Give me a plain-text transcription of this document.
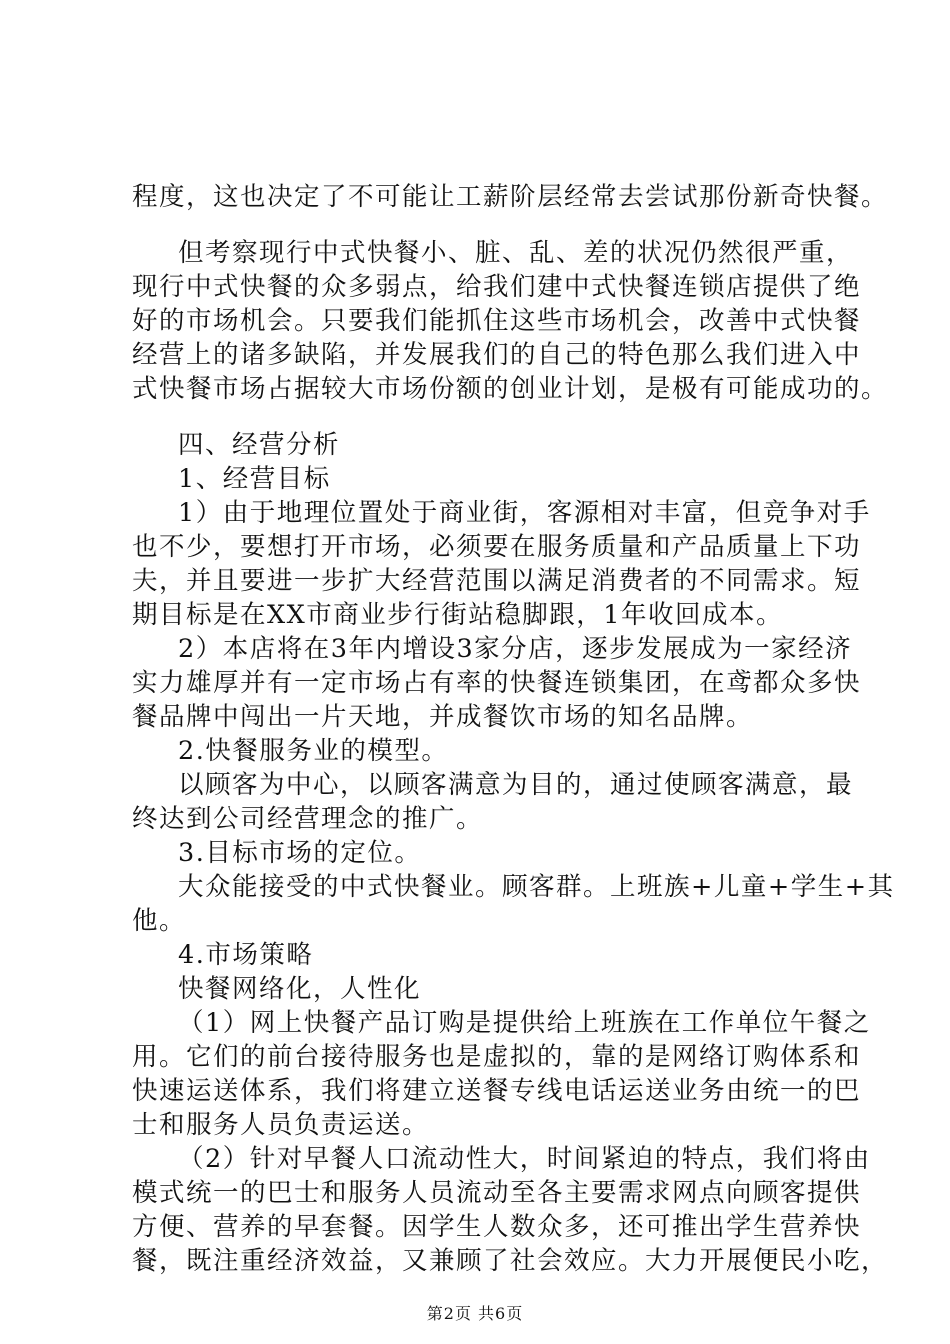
程度，这也决定了不可能让工薪阶层经常去尝试那份新奇快餐。
但考察现行中式快餐小、脏、乱、差的状况仍然很严重，
现行中式快餐的众多弱点，给我们建中式快餐连锁店提供了绝
好的市场机会。只要我们能抓住这些市场机会，改善中式快餐
经营上的诸多缺陷，并发展我们的自己的特色那么我们进入中
式快餐市场占据较大市场份额的创业计划，是极有可能成功的。
四、经营分析
1、经营目标
1）由于地理位置处于商业街，客源相对丰富，但竞争对手
也不少，要想打开市场，必须要在服务质量和产品质量上下功
夫，并且要进一步扩大经营范围以满足消费者的不同需求。短
期目标是在XX市商业步行街站稳脚跟，1年收回成本。
2）本店将在3年内增设3家分店，逐步发展成为一家经济
实力雄厚并有一定市场占有率的快餐连锁集团，在鸢都众多快
餐品牌中闯出一片天地，并成餐饮市场的知名品牌。
2.快餐服务业的模型。
以顾客为中心，以顾客满意为目的，通过使顾客满意，最
终达到公司经营理念的推广。
3.目标市场的定位。
大众能接受的中式快餐业。顾客群。上班族+儿童+学生+其
他。
4.市场策略
快餐网络化，人性化
（1）网上快餐产品订购是提供给上班族在工作单位午餐之
用。它们的前台接待服务也是虚拟的，靠的是网络订购体系和
快速运送体系，我们将建立送餐专线电话运送业务由统一的巴
士和服务人员负责运送。
（2）针对早餐人口流动性大，时间紧迫的特点，我们将由
模式统一的巴士和服务人员流动至各主要需求网点向顾客提供
方便、营养的早套餐。因学生人数众多，还可推出学生营养快
餐，既注重经济效益，又兼顾了社会效应。大力开展便民小吃，
第2页 共6页
